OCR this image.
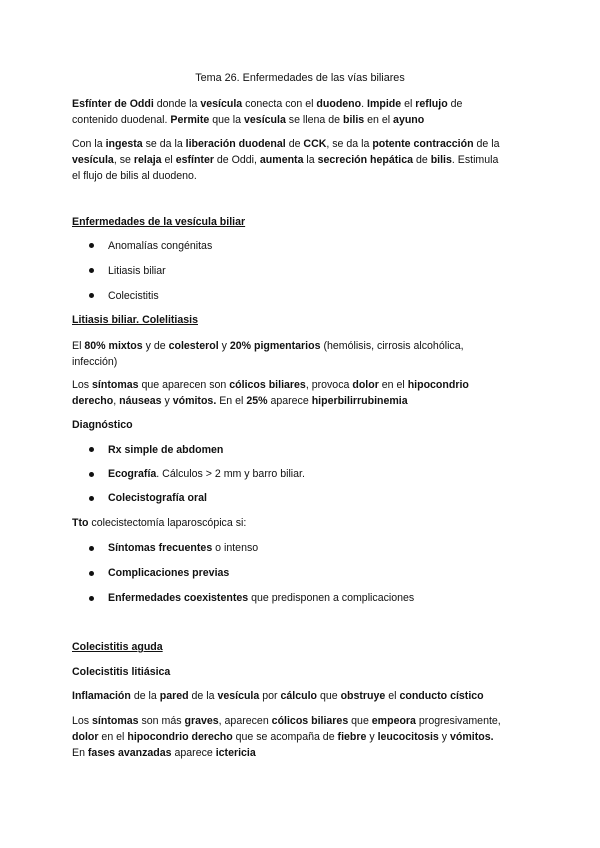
Tema 26. Enfermedades de las vías biliares
Esfínter de Oddi donde la vesícula conecta con el duodeno. Impide el reflujo de
contenido duodenal. Permite que la vesícula se llena de bilis en el ayuno
Con la ingesta se da la liberación duodenal de CCK, se da la potente contracción de la
vesícula, se relaja el esfínter de Oddi, aumenta la secreción hepática de bilis. Estimula
el flujo de bilis al duodeno.
Enfermedades de la vesícula biliar
Anomalías congénitas
Litiasis biliar
Colecistitis
Litiasis biliar. Colelitiasis
El 80% mixtos y de colesterol y 20% pigmentarios (hemólisis, cirrosis alcohólica,
infección)
Los síntomas que aparecen son cólicos biliares, provoca dolor en el hipocondrio
derecho, náuseas y vómitos. En el 25% aparece hiperbilirrubinemia
Diagnóstico
Rx simple de abdomen
Ecografía. Cálculos > 2 mm y barro biliar.
Colecistografía oral
Tto colecistectomía laparoscópica si:
Síntomas frecuentes o intenso
Complicaciones previas
Enfermedades coexistentes que predisponen a complicaciones
Colecistitis aguda
Colecistitis litiásica
Inflamación de la pared de la vesícula por cálculo que obstruye el conducto cístico
Los síntomas son más graves, aparecen cólicos biliares que empeora progresivamente,
dolor en el hipocondrio derecho que se acompaña de fiebre y leucocitosis y vómitos.
En fases avanzadas aparece ictericia
